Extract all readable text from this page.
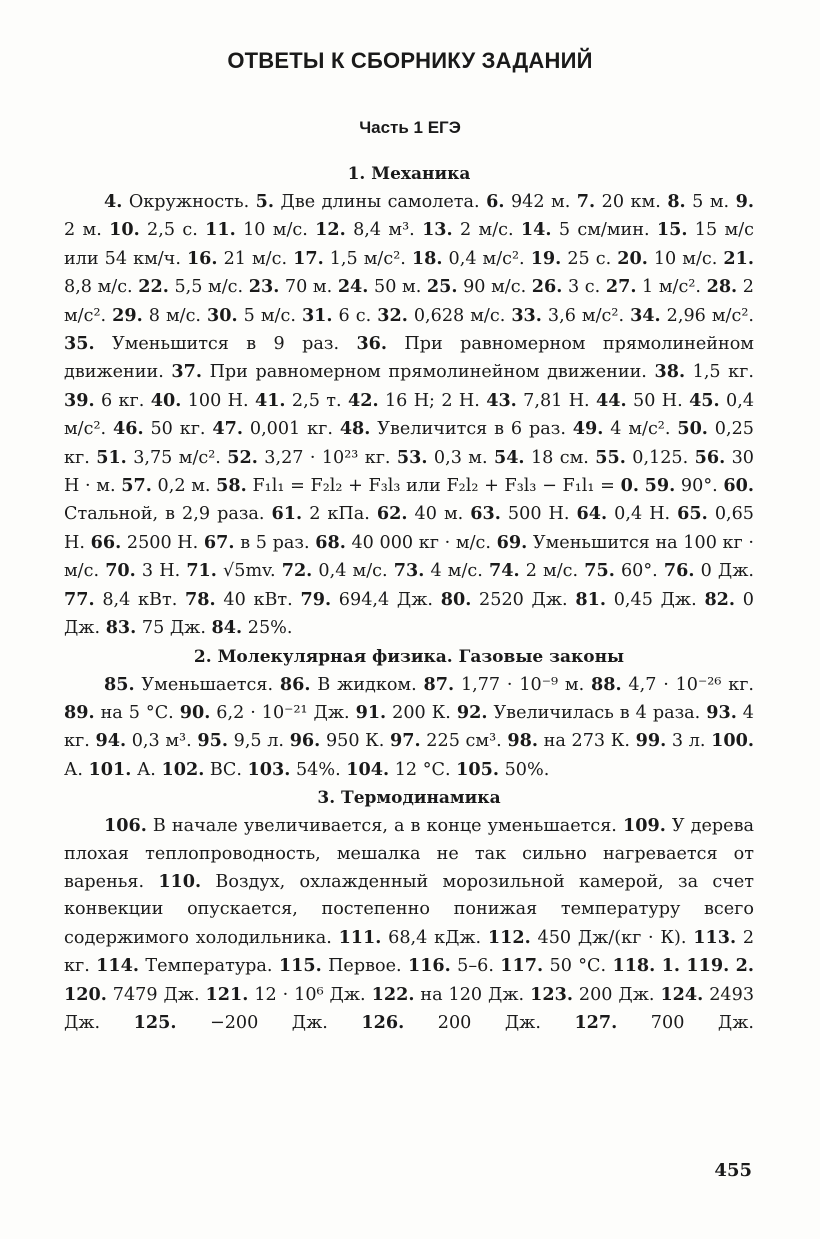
ОТВЕТЫ К СБОРНИКУ ЗАДАНИЙ
Часть 1 ЕГЭ

1. Механика

4. Окружность. 5. Две длины самолета. 6. 942 м. 7. 20 км. 8. 5 м. 9. 2 м. 10. 2,5 с. 11. 10 м/с. 12. 8,4 м³. 13. 2 м/с. 14. 5 см/мин. 15. 15 м/с или 54 км/ч. 16. 21 м/с. 17. 1,5 м/с². 18. 0,4 м/с². 19. 25 с. 20. 10 м/с. 21. 8,8 м/с. 22. 5,5 м/с. 23. 70 м. 24. 50 м. 25. 90 м/с. 26. 3 с. 27. 1 м/с². 28. 2 м/с². 29. 8 м/с. 30. 5 м/с. 31. 6 с. 32. 0,628 м/с. 33. 3,6 м/с². 34. 2,96 м/с². 35. Уменьшится в 9 раз. 36. При равномерном прямолинейном движении. 37. При равномерном прямолинейном движении. 38. 1,5 кг. 39. 6 кг. 40. 100 Н. 41. 2,5 т. 42. 16 Н; 2 Н. 43. 7,81 Н. 44. 50 Н. 45. 0,4 м/с². 46. 50 кг. 47. 0,001 кг. 48. Увеличится в 6 раз. 49. 4 м/с². 50. 0,25 кг. 51. 3,75 м/с². 52. 3,27 · 10²³ кг. 53. 0,3 м. 54. 18 см. 55. 0,125. 56. 30 Н · м. 57. 0,2 м. 58. F₁l₁ = F₂l₂ + F₃l₃ или F₂l₂ + F₃l₃ − F₁l₁ = 0. 59. 90°. 60. Стальной, в 2,9 раза. 61. 2 кПа. 62. 40 м. 63. 500 Н. 64. 0,4 Н. 65. 0,65 Н. 66. 2500 Н. 67. в 5 раз. 68. 40 000 кг · м/с. 69. Уменьшится на 100 кг · м/с. 70. 3 Н. 71. √5mv. 72. 0,4 м/с. 73. 4 м/с. 74. 2 м/с. 75. 60°. 76. 0 Дж. 77. 8,4 кВт. 78. 40 кВт. 79. 694,4 Дж. 80. 2520 Дж. 81. 0,45 Дж. 82. 0 Дж. 83. 75 Дж. 84. 25%.

2. Молекулярная физика. Газовые законы

85. Уменьшается. 86. В жидком. 87. 1,77 · 10⁻⁹ м. 88. 4,7 · 10⁻²⁶ кг. 89. на 5 °С. 90. 6,2 · 10⁻²¹ Дж. 91. 200 К. 92. Увеличилась в 4 раза. 93. 4 кг. 94. 0,3 м³. 95. 9,5 л. 96. 950 К. 97. 225 см³. 98. на 273 К. 99. 3 л. 100. А. 101. А. 102. ВС. 103. 54%. 104. 12 °С. 105. 50%.

3. Термодинамика

106. В начале увеличивается, а в конце уменьшается. 109. У дерева плохая теплопроводность, мешалка не так сильно нагревается от варенья. 110. Воздух, охлажденный морозильной камерой, за счет конвекции опускается, постепенно понижая температуру всего содержимого холодильника. 111. 68,4 кДж. 112. 450 Дж/(кг · К). 113. 2 кг. 114. Температура. 115. Первое. 116. 5–6. 117. 50 °С. 118. 1. 119. 2. 120. 7479 Дж. 121. 12 · 10⁶ Дж. 122. на 120 Дж. 123. 200 Дж. 124. 2493 Дж. 125. −200 Дж. 126. 200 Дж. 127. 700 Дж.

455
